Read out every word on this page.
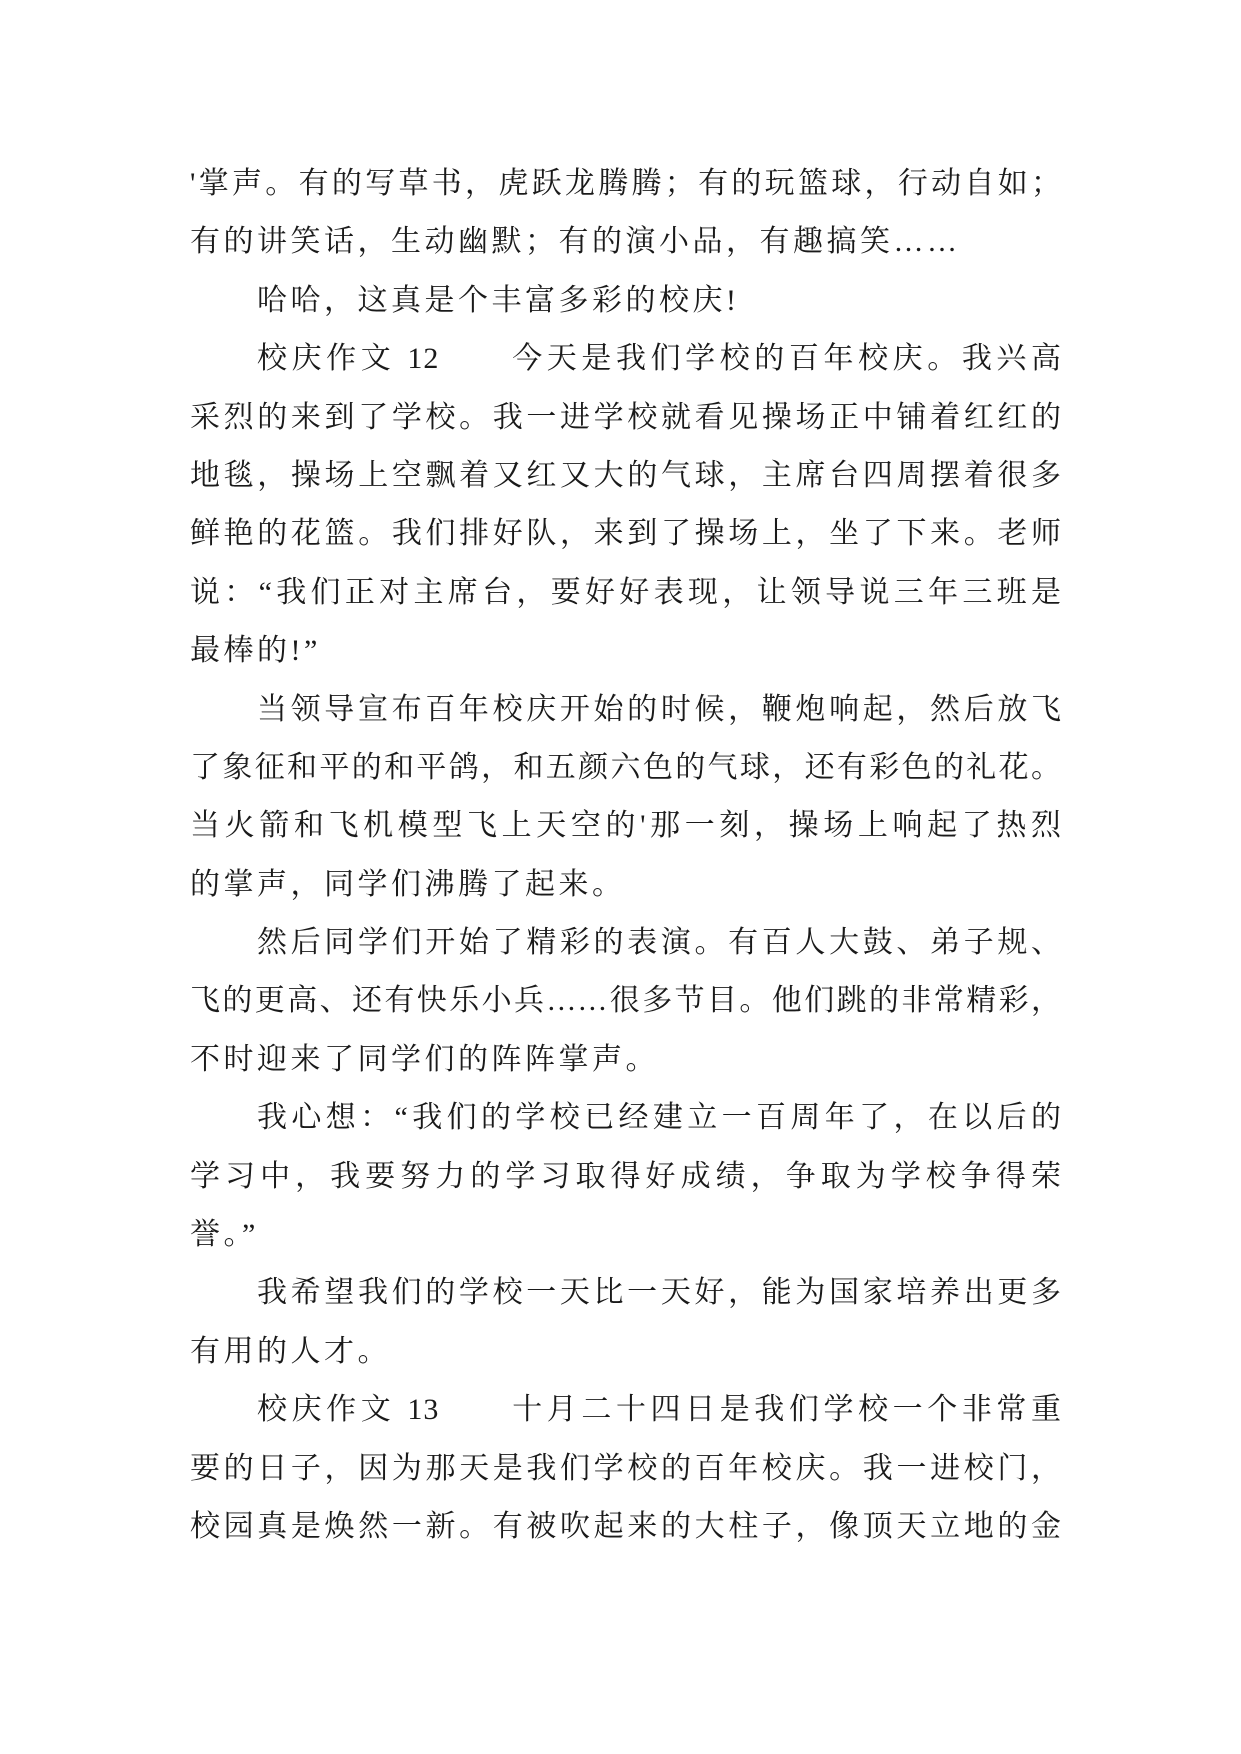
'掌声。有的写草书，虎跃龙腾腾；有的玩篮球，行动自如；
有的讲笑话，生动幽默；有的演小品，有趣搞笑……
哈哈，这真是个丰富多彩的校庆!
校庆作文 12　　今天是我们学校的百年校庆。我兴高
采烈的来到了学校。我一进学校就看见操场正中铺着红红的
地毯，操场上空飘着又红又大的气球，主席台四周摆着很多
鲜艳的花篮。我们排好队，来到了操场上，坐了下来。老师
说：“我们正对主席台，要好好表现，让领导说三年三班是
最棒的!”
当领导宣布百年校庆开始的时候，鞭炮响起，然后放飞
了象征和平的和平鸽，和五颜六色的气球，还有彩色的礼花。
当火箭和飞机模型飞上天空的'那一刻，操场上响起了热烈
的掌声，同学们沸腾了起来。
然后同学们开始了精彩的表演。有百人大鼓、弟子规、
飞的更高、还有快乐小兵……很多节目。他们跳的非常精彩，
不时迎来了同学们的阵阵掌声。
我心想：“我们的学校已经建立一百周年了，在以后的
学习中，我要努力的学习取得好成绩，争取为学校争得荣
誉。”
我希望我们的学校一天比一天好，能为国家培养出更多
有用的人才。
校庆作文 13　　十月二十四日是我们学校一个非常重
要的日子，因为那天是我们学校的百年校庆。我一进校门，
校园真是焕然一新。有被吹起来的大柱子，像顶天立地的金
